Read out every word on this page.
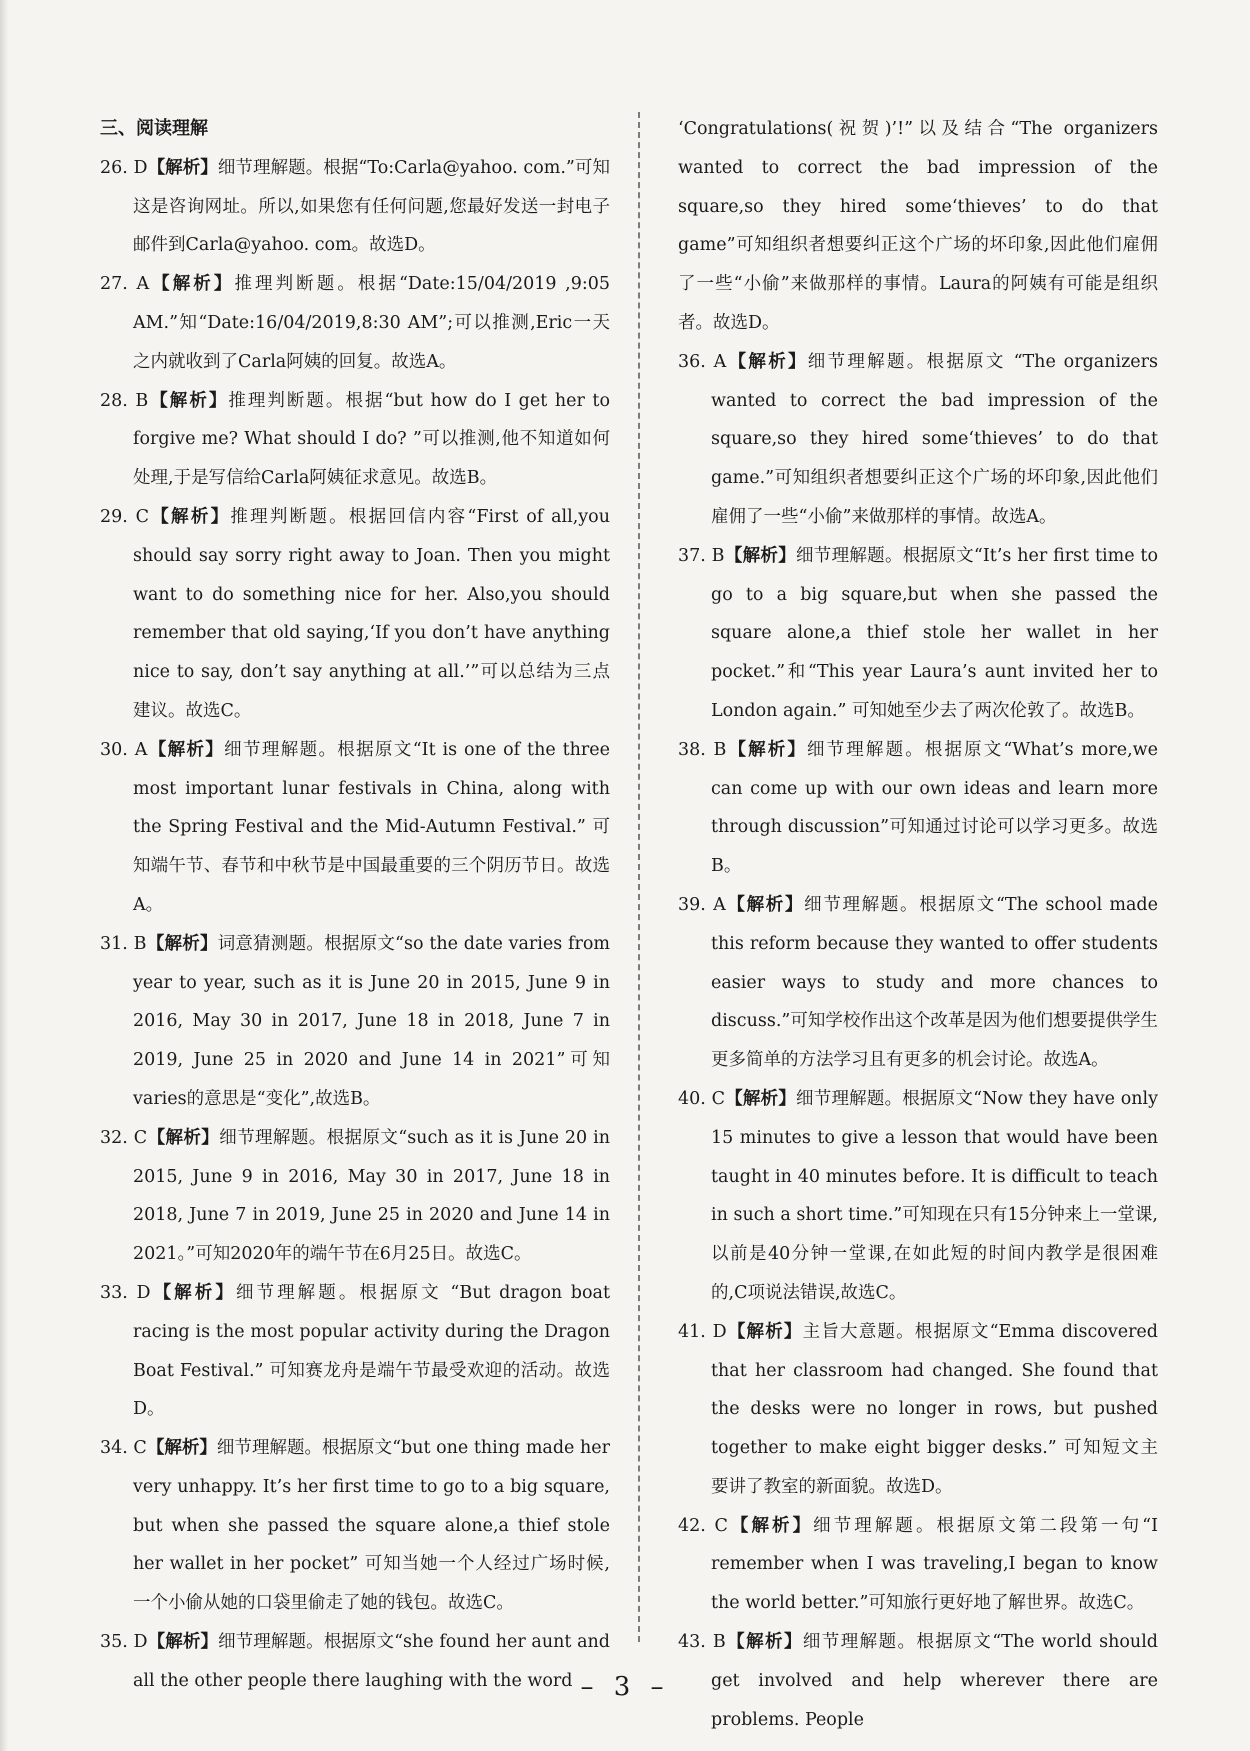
三、阅读理解
26. D【解析】细节理解题。根据“To:Carla@yahoo. com.”可知这是咨询网址。所以,如果您有任何问题,您最好发送一封电子邮件到Carla@yahoo. com。故选D。
27. A【解析】推理判断题。根据“Date:15/04/2019 ,9:05 AM.”知“Date:16/04/2019,8:30 AM”;可以推测,Eric一天之内就收到了Carla阿姨的回复。故选A。
28. B【解析】推理判断题。根据“but how do I get her to forgive me? What should I do? ”可以推测,他不知道如何处理,于是写信给Carla阿姨征求意见。故选B。
29. C【解析】推理判断题。根据回信内容“First of all,you should say sorry right away to Joan. Then you might want to do something nice for her. Also,you should remember that old saying,‘If you don’t have anything nice to say, don’t say anything at all.’”可以总结为三点建议。故选C。
30. A【解析】细节理解题。根据原文“It is one of the three most important lunar festivals in China, along with the Spring Festival and the Mid-Autumn Festival.” 可知端午节、春节和中秋节是中国最重要的三个阴历节日。故选A。
31. B【解析】词意猜测题。根据原文“so the date varies from year to year, such as it is June 20 in 2015, June 9 in 2016, May 30 in 2017, June 18 in 2018, June 7 in 2019, June 25 in 2020 and June 14 in 2021”可知varies的意思是“变化”,故选B。
32. C【解析】细节理解题。根据原文“such as it is June 20 in 2015, June 9 in 2016, May 30 in 2017, June 18 in 2018, June 7 in 2019, June 25 in 2020 and June 14 in 2021。”可知2020年的端午节在6月25日。故选C。
33. D【解析】细节理解题。根据原文 “But dragon boat racing is the most popular activity during the Dragon Boat Festival.” 可知赛龙舟是端午节最受欢迎的活动。故选D。
34. C【解析】细节理解题。根据原文“but one thing made her very unhappy. It’s her first time to go to a big square, but when she passed the square alone,a thief stole her wallet in her pocket” 可知当她一个人经过广场时候,一个小偷从她的口袋里偷走了她的钱包。故选C。
35. D【解析】细节理解题。根据原文“she found her aunt and all the other people there laughing with the word
‘Congratulations(祝贺)’!”以及结合“The organizers wanted to correct the bad impression of the square,so they hired some‘thieves’ to do that game”可知组织者想要纠正这个广场的坏印象,因此他们雇佣了一些“小偷”来做那样的事情。Laura的阿姨有可能是组织者。故选D。
36. A【解析】细节理解题。根据原文 “The organizers wanted to correct the bad impression of the square,so they hired some‘thieves’ to do that game.”可知组织者想要纠正这个广场的坏印象,因此他们雇佣了一些“小偷”来做那样的事情。故选A。
37. B【解析】细节理解题。根据原文“It’s her first time to go to a big square,but when she passed the square alone,a thief stole her wallet in her pocket.”和“This year Laura’s aunt invited her to London again.” 可知她至少去了两次伦敦了。故选B。
38. B【解析】细节理解题。根据原文“What’s more,we can come up with our own ideas and learn more through discussion”可知通过讨论可以学习更多。故选B。
39. A【解析】细节理解题。根据原文“The school made this reform because they wanted to offer students easier ways to study and more chances to discuss.”可知学校作出这个改革是因为他们想要提供学生更多简单的方法学习且有更多的机会讨论。故选A。
40. C【解析】细节理解题。根据原文“Now they have only 15 minutes to give a lesson that would have been taught in 40 minutes before. It is difficult to teach in such a short time.”可知现在只有15分钟来上一堂课,以前是40分钟一堂课,在如此短的时间内教学是很困难的,C项说法错误,故选C。
41. D【解析】主旨大意题。根据原文“Emma discovered that her classroom had changed. She found that the desks were no longer in rows, but pushed together to make eight bigger desks.” 可知短文主要讲了教室的新面貌。故选D。
42. C【解析】细节理解题。根据原文第二段第一句“I remember when I was traveling,I began to know the world better.”可知旅行更好地了解世界。故选C。
43. B【解析】细节理解题。根据原文“The world should get involved and help wherever there are problems. People
– 3 –
